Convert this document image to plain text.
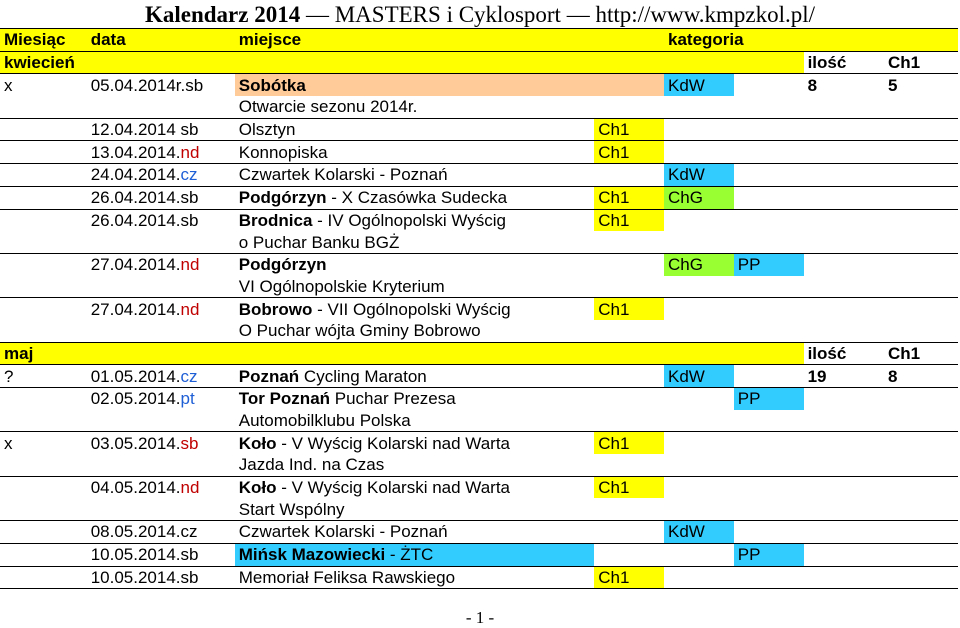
Kalendarz 2014 — MASTERS i Cyklosport — http://www.kmpzkol.pl/
Miesiąc	data	miejsce		kategoria			
kwiecień						ilość	Ch1
x	05.04.2014r.sb	Sobótka		KdW		8	5
		Otwarcie sezonu 2014r.					
	12.04.2014 sb	Olsztyn	Ch1				
	13.04.2014.nd	Konnopiska	Ch1				
	24.04.2014.cz	Czwartek Kolarski - Poznań		KdW			
	26.04.2014.sb	Podgórzyn - X Czasówka Sudecka	Ch1	ChG			
	26.04.2014.sb	Brodnica - IV Ogólnopolski Wyścig	Ch1				
		o Puchar Banku BGŻ					
	27.04.2014.nd	Podgórzyn		ChG	PP		
		VI Ogólnopolskie Kryterium					
	27.04.2014.nd	Bobrowo - VII Ogólnopolski Wyścig	Ch1				
		O Puchar wójta Gminy Bobrowo					
maj						ilość	Ch1
?	01.05.2014.cz	Poznań Cycling Maraton		KdW		19	8
	02.05.2014.pt	Tor Poznań Puchar Prezesa			PP		
		Automobilklubu Polska					
x	03.05.2014.sb	Koło - V Wyścig Kolarski nad Warta	Ch1				
		Jazda Ind. na Czas					
	04.05.2014.nd	Koło - V Wyścig Kolarski nad Warta	Ch1				
		Start Wspólny					
	08.05.2014.cz	Czwartek Kolarski - Poznań		KdW			
	10.05.2014.sb	Mińsk Mazowiecki - ŻTC			PP		
	10.05.2014.sb	Memoriał Feliksa Rawskiego	Ch1				
- 1 -
